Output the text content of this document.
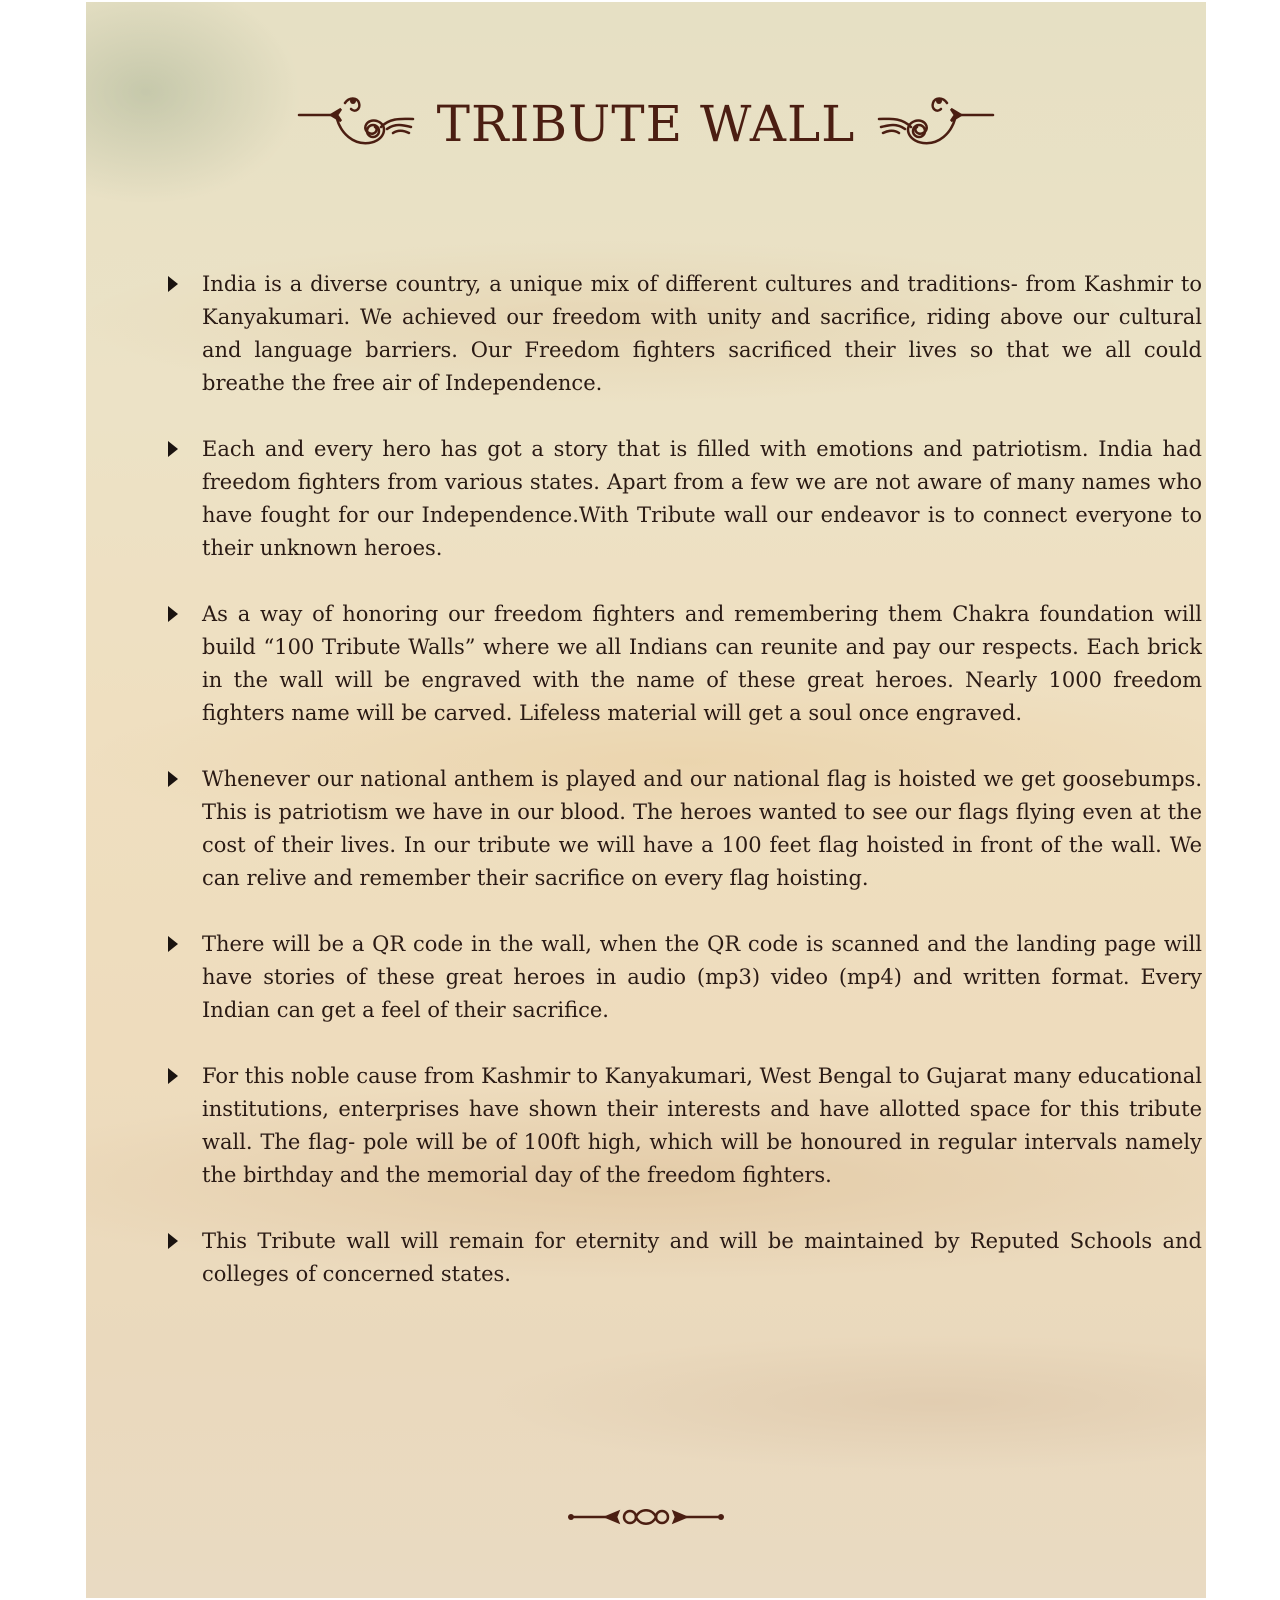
TRIBUTE WALL

India is a diverse country, a unique mix of different cultures and traditions- from Kashmir to Kanyakumari. We achieved our freedom with unity and sacrifice, riding above our cultural and language barriers. Our Freedom fighters sacrificed their lives so that we all could breathe the free air of Independence.

Each and every hero has got a story that is filled with emotions and patriotism. India had freedom fighters from various states. Apart from a few we are not aware of many names who have fought for our Independence.With Tribute wall our endeavor is to connect everyone to their unknown heroes.

As a way of honoring our freedom fighters and remembering them Chakra foundation will build “100 Tribute Walls” where we all Indians can reunite and pay our respects. Each brick in the wall will be engraved with the name of these great heroes. Nearly 1000 freedom fighters name will be carved. Lifeless material will get a soul once engraved.

Whenever our national anthem is played and our national flag is hoisted we get goosebumps. This is patriotism we have in our blood. The heroes wanted to see our flags flying even at the cost of their lives. In our tribute we will have a 100 feet flag hoisted in front of the wall. We can relive and remember their sacrifice on every flag hoisting.

There will be a QR code in the wall, when the QR code is scanned and the landing page will have stories of these great heroes in audio (mp3) video (mp4) and written format. Every Indian can get a feel of their sacrifice.

For this noble cause from Kashmir to Kanyakumari, West Bengal to Gujarat many educational institutions, enterprises have shown their interests and have allotted space for this tribute wall. The flag- pole will be of 100ft high, which will be honoured in regular intervals namely the birthday and the memorial day of the freedom fighters.

This Tribute wall will remain for eternity and will be maintained by Reputed Schools and colleges of concerned states.
